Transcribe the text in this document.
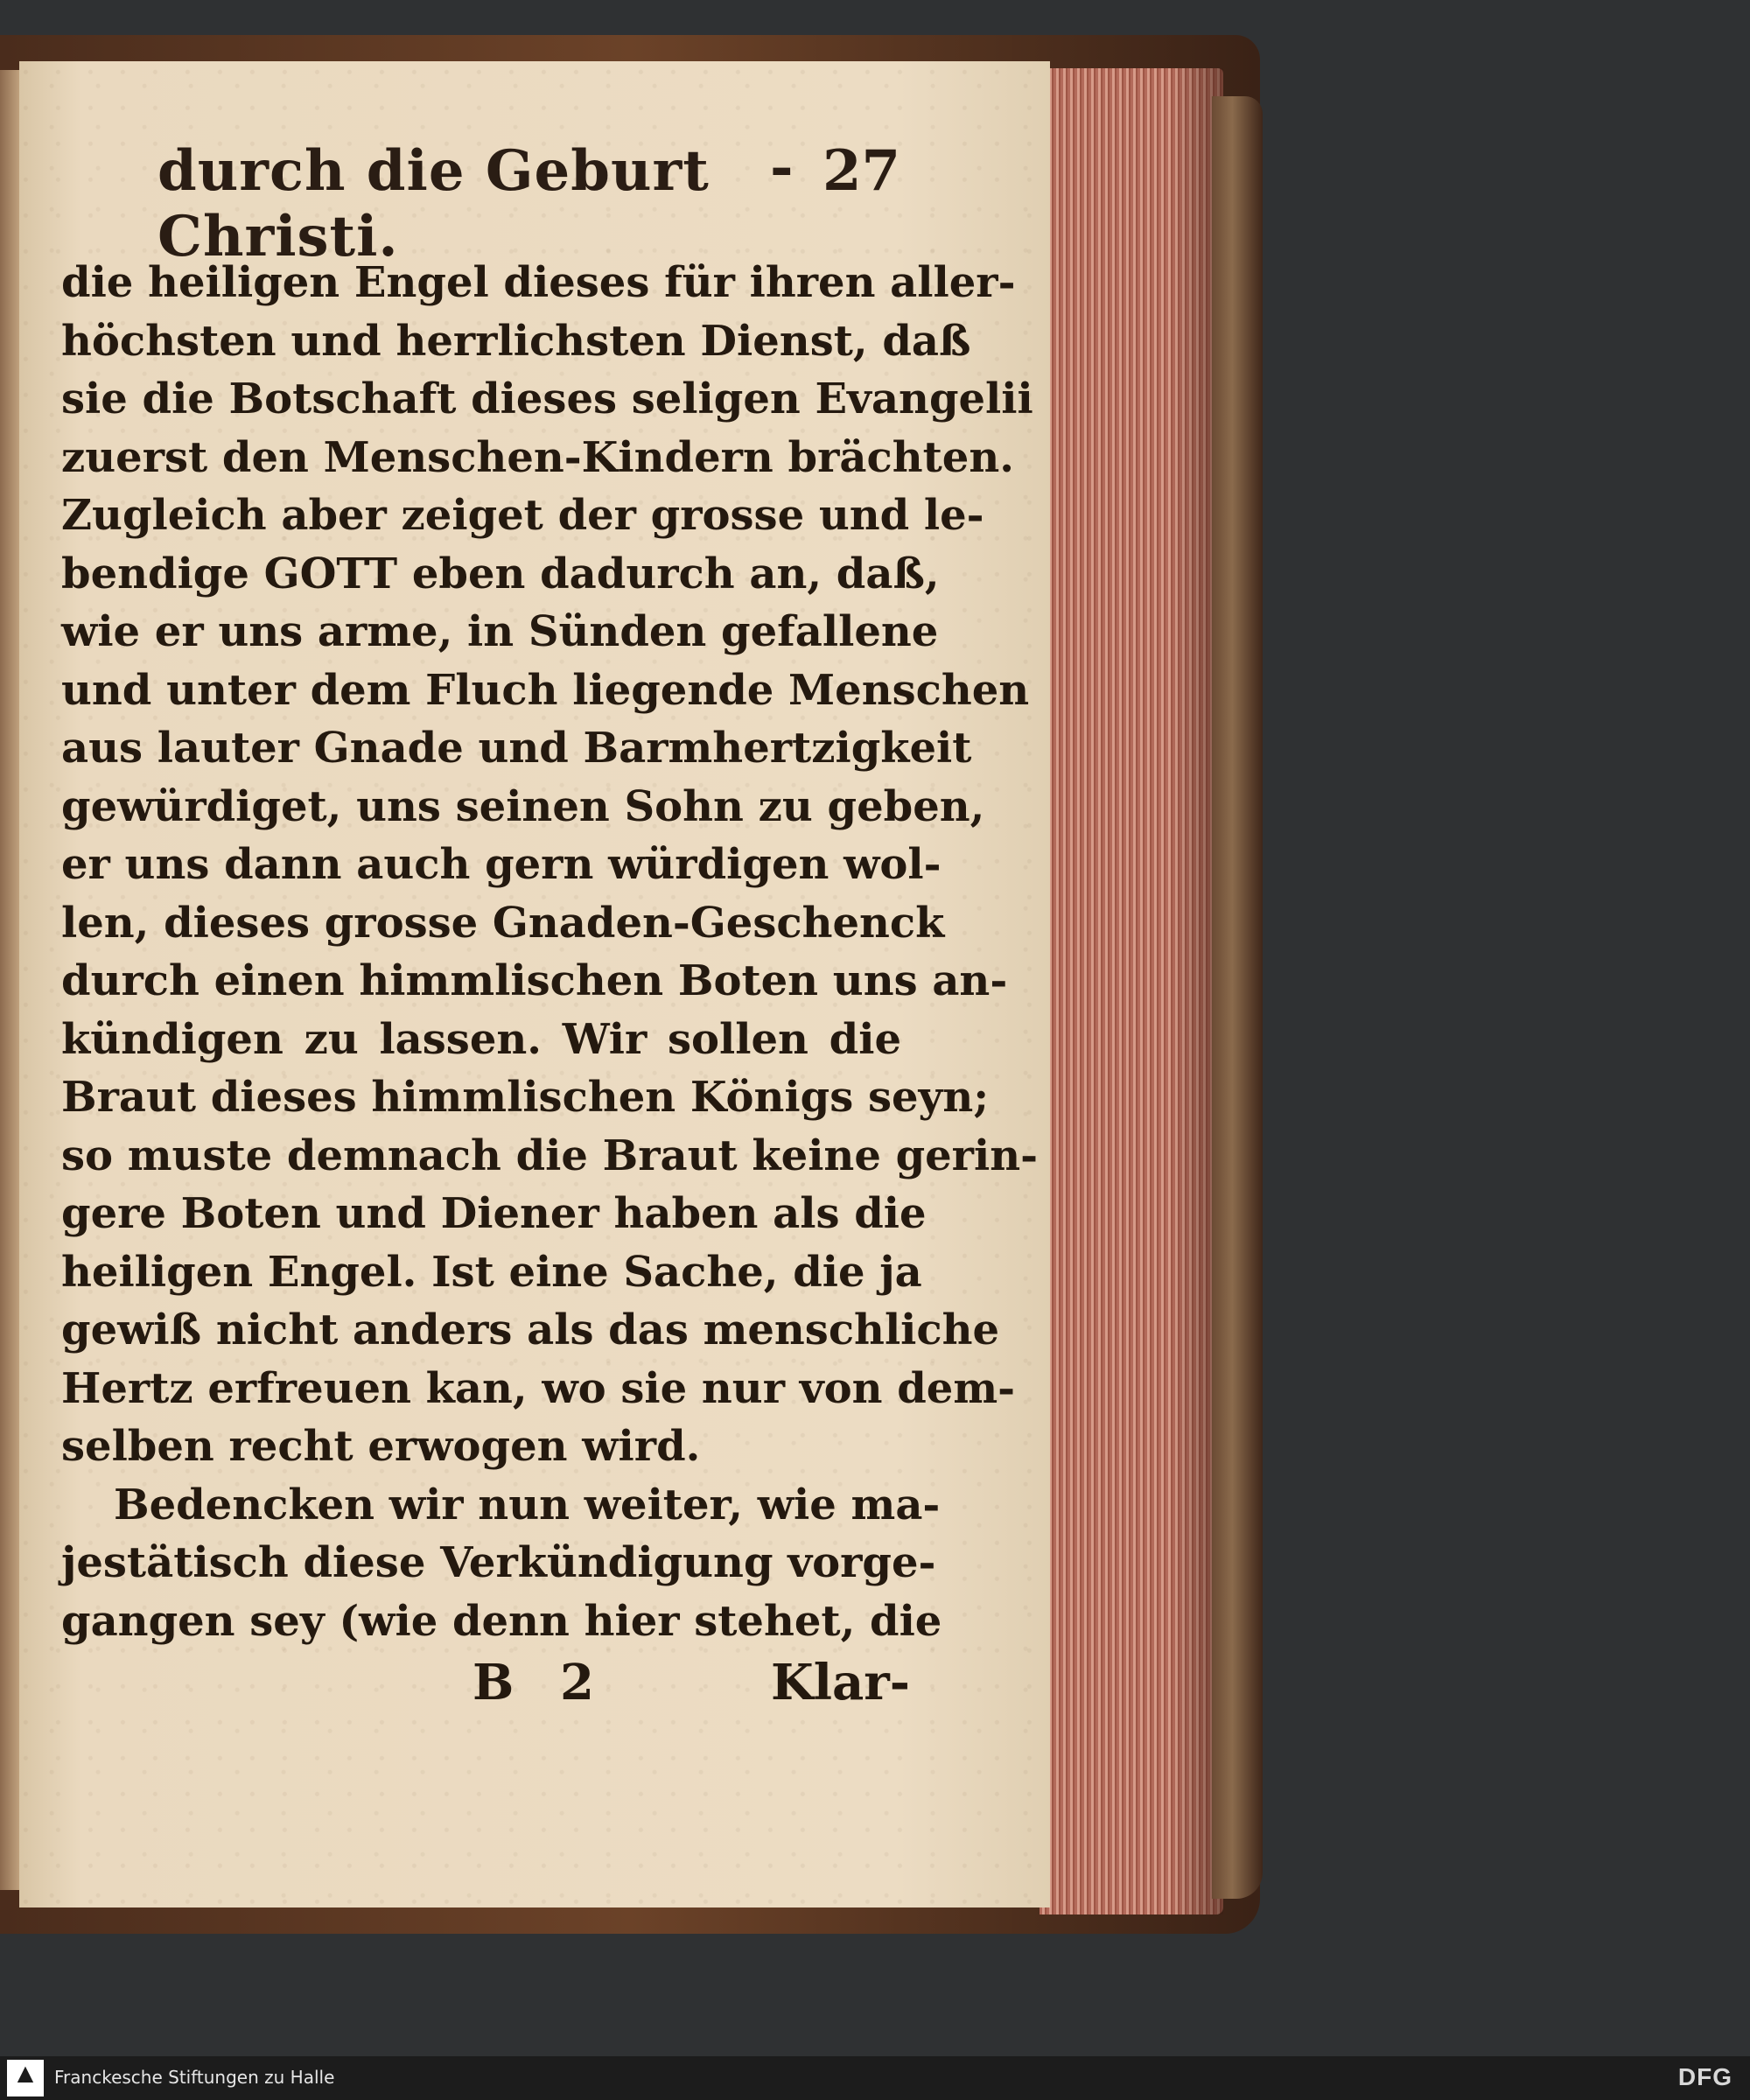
durch die Geburt Christi.
- 27
die heiligen Engel dieses für ihren aller-
höchsten und herrlichsten Dienst, daß
sie die Botschaft dieses seligen Evangelii
zuerst den Menschen-Kindern brächten.
Zugleich aber zeiget der grosse und le-
bendige GOTT eben dadurch an, daß,
wie er uns arme, in Sünden gefallene
und unter dem Fluch liegende Menschen
aus lauter Gnade und Barmhertzigkeit
gewürdiget, uns seinen Sohn zu geben,
er uns dann auch gern würdigen wol-
len, dieses grosse Gnaden-Geschenck
durch einen himmlischen Boten uns an-
kündigen zu lassen. Wir sollen die
Braut dieses himmlischen Königs seyn;
so muste demnach die Braut keine gerin-
gere Boten und Diener haben als die
heiligen Engel. Ist eine Sache, die ja
gewiß nicht anders als das menschliche
Hertz erfreuen kan, wo sie nur von dem-
selben recht erwogen wird.
Bedencken wir nun weiter, wie ma-
jestätisch diese Verkündigung vorge-
gangen sey (wie denn hier stehet, die
B 2	Klar-
▲	Franckesche Stiftungen zu Halle	DFG
